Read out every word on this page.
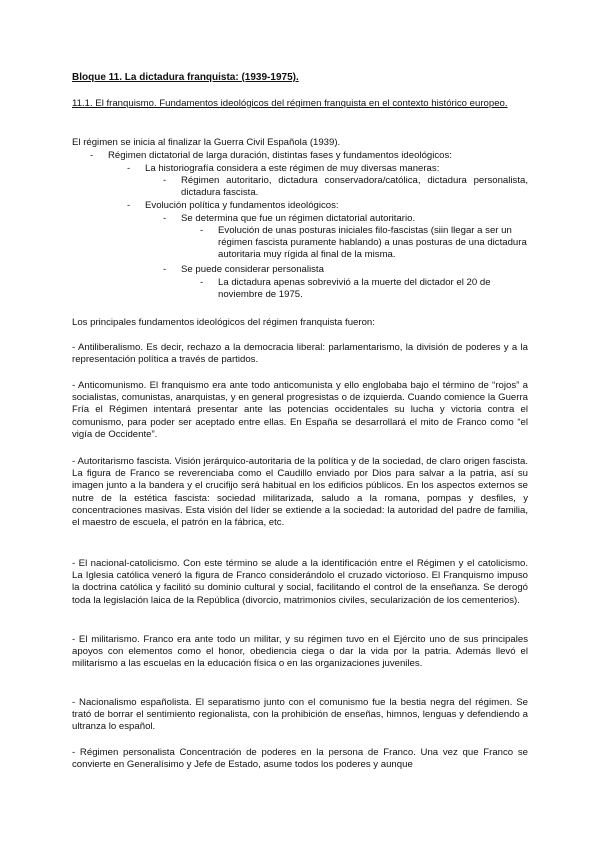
Bloque 11. La dictadura franquista: (1939-1975).
11.1. El franquismo. Fundamentos ideológicos del régimen franquista en el contexto histórico europeo.
El régimen se inicia al finalizar la Guerra Civil Española (1939).
-	Régimen dictatorial de larga duración, distintas fases y fundamentos ideológicos:
-	La historiografía considera a este régimen de muy diversas maneras:
-	Régimen autoritario, dictadura conservadora/católica, dictadura personalista, dictadura fascista.
-	Evolución política y fundamentos ideológicos:
-	Se determina que fue un régimen dictatorial autoritario.
-	Evolución de unas posturas iniciales filo-fascistas (siin llegar a ser un régimen fascista puramente hablando) a unas posturas de una dictadura autoritaria muy rígida al final de la misma.
-	Se puede considerar personalista
-	La dictadura apenas sobrevivió a la muerte del dictador el 20 de noviembre de 1975.
Los principales fundamentos ideológicos del régimen franquista fueron:
- Antiliberalismo. Es decir, rechazo a la democracia liberal: parlamentarismo, la división de poderes y a la representación política a través de partidos.
- Anticomunismo. El franquismo era ante todo anticomunista y ello englobaba bajo el término de “rojos” a socialistas, comunistas, anarquistas, y en general progresistas o de izquierda. Cuando comience la Guerra Fría el Régimen intentará presentar ante las potencias occidentales su lucha y victoria contra el comunismo, para poder ser aceptado entre ellas. En España se desarrollará el mito de Franco como “el vigía de Occidente”.
- Autoritarismo fascista. Visión jerárquico-autoritaria de la política y de la sociedad, de claro origen fascista. La figura de Franco se reverenciaba como el Caudillo enviado por Dios para salvar a la patria, así su imagen junto a la bandera y el crucifijo será habitual en los edificios públicos. En los aspectos externos se nutre de la estética fascista: sociedad militarizada, saludo a la romana, pompas y desfiles, y concentraciones masivas. Esta visión del líder se extiende a la sociedad: la autoridad del padre de familia, el maestro de escuela, el patrón en la fábrica, etc.
- El nacional-catolicismo. Con este término se alude a la identificación entre el Régimen y el catolicismo. La Iglesia católica veneró la figura de Franco considerándolo el cruzado victorioso. El Franquismo impuso la doctrina católica y facilitó su dominio cultural y social, facilitando el control de la enseñanza. Se derogó toda la legislación laica de la República (divorcio, matrimonios civiles, secularización de los cementerios).
- El militarismo. Franco era ante todo un militar, y su régimen tuvo en el Ejército uno de sus principales apoyos con elementos como el honor, obediencia ciega o dar la vida por la patria. Además llevó el militarismo a las escuelas en la educación física o en las organizaciones juveniles.
- Nacionalismo españolista. El separatismo junto con el comunismo fue la bestia negra del régimen. Se trató de borrar el sentimiento regionalista, con la prohibición de enseñas, himnos, lenguas y defendiendo a ultranza lo español.
- Régimen personalista Concentración de poderes en la persona de Franco. Una vez que Franco se convierte en Generalísimo y Jefe de Estado, asume todos los poderes y aunque
